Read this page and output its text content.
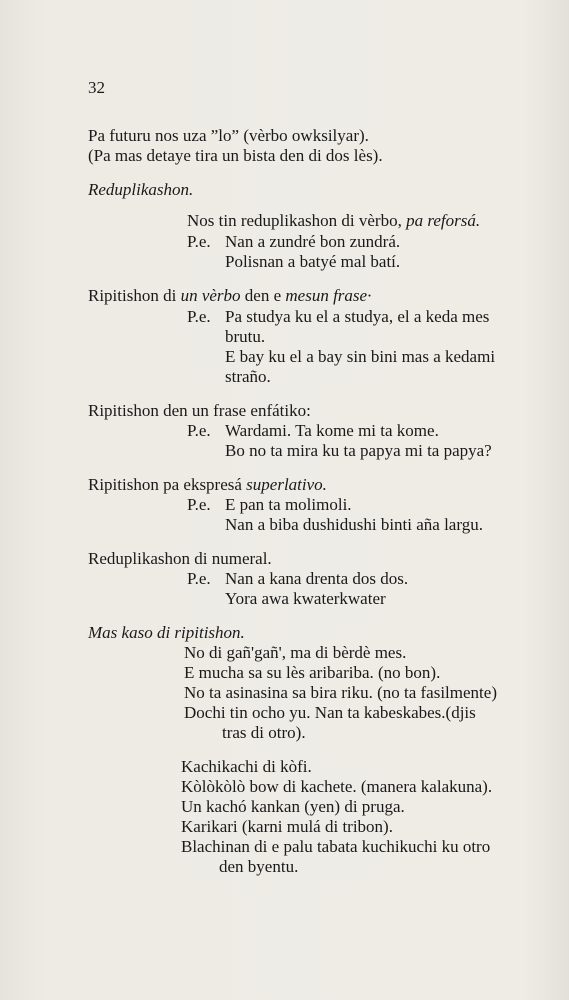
32
Pa futuru nos uza ”lo” (vèrbo owksilyar).
(Pa mas detaye tira un bista den di dos lès).
Reduplikashon.
Nos tin reduplikashon di vèrbo, pa reforsá.
P.e. Nan a zundré bon zundrá.
Polisnan a batyé mal batí.
Ripitishon di un vèrbo den e mesun frase·
P.e. Pa studya ku el a studya, el a keda mes
brutu.
E bay ku el a bay sin bini mas a kedami
straño.
Ripitishon den un frase enfátiko:
P.e. Wardami. Ta kome mi ta kome.
Bo no ta mira ku ta papya mi ta papya?
Ripitishon pa ekspresá superlativo.
P.e. E pan ta molimoli.
Nan a biba dushidushi binti aña largu.
Reduplikashon di numeral.
P.e. Nan a kana drenta dos dos.
Yora awa kwaterkwater
Mas kaso di ripitishon.
No di gañ'gañ', ma di bèrdè mes.
E mucha sa su lès aribariba. (no bon).
No ta asinasina sa bira riku. (no ta fasilmente)
Dochi tin ocho yu. Nan ta kabeskabes.(djis
tras di otro).
Kachikachi di kòfi.
Kòlòkòlò bow di kachete. (manera kalakuna).
Un kachó kankan (yen) di pruga.
Karikari (karni mulá di tribon).
Blachinan di e palu tabata kuchikuchi ku otro
den byentu.
